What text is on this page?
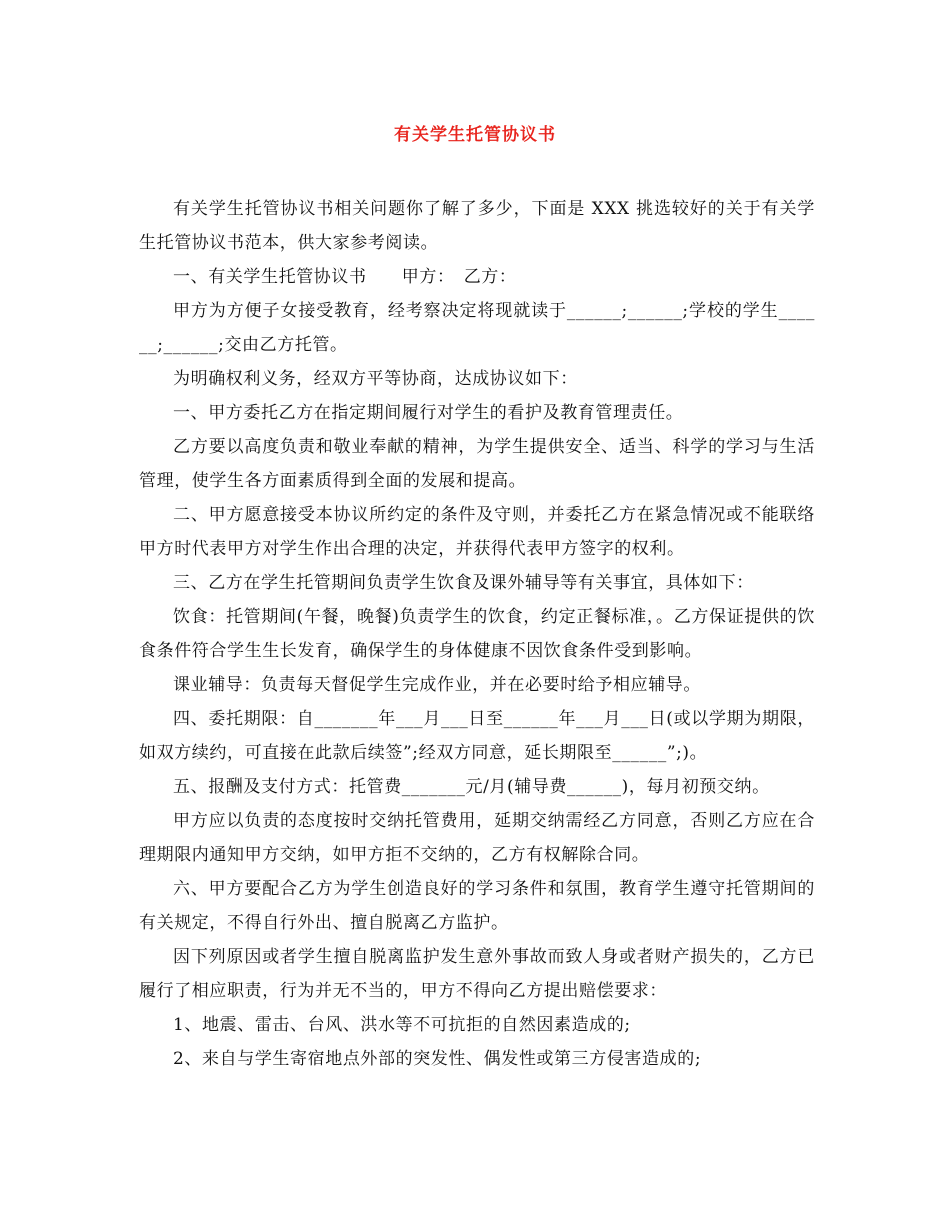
有关学生托管协议书

有关学生托管协议书相关问题你了解了多少，下面是 XXX 挑选较好的关于有关学生托管协议书范本，供大家参考阅读。

一、有关学生托管协议书　　甲方：　乙方：

甲方为方便子女接受教育，经考察决定将现就读于______;______;学校的学生______;______;交由乙方托管。

为明确权利义务，经双方平等协商，达成协议如下：

一、甲方委托乙方在指定期间履行对学生的看护及教育管理责任。

乙方要以高度负责和敬业奉献的精神，为学生提供安全、适当、科学的学习与生活管理，使学生各方面素质得到全面的发展和提高。

二、甲方愿意接受本协议所约定的条件及守则，并委托乙方在紧急情况或不能联络甲方时代表甲方对学生作出合理的决定，并获得代表甲方签字的权利。

三、乙方在学生托管期间负责学生饮食及课外辅导等有关事宜，具体如下：

饮食：托管期间(午餐，晚餐)负责学生的饮食，约定正餐标准，。乙方保证提供的饮食条件符合学生生长发育，确保学生的身体健康不因饮食条件受到影响。

课业辅导：负责每天督促学生完成作业，并在必要时给予相应辅导。

四、委托期限：自_______年___月___日至______年___月___日(或以学期为期限，如双方续约，可直接在此款后续签”;经双方同意，延长期限至______”;)。

五、报酬及支付方式：托管费_______元/月(辅导费______)，每月初预交纳。

甲方应以负责的态度按时交纳托管费用，延期交纳需经乙方同意，否则乙方应在合理期限内通知甲方交纳，如甲方拒不交纳的，乙方有权解除合同。

六、甲方要配合乙方为学生创造良好的学习条件和氛围，教育学生遵守托管期间的有关规定，不得自行外出、擅自脱离乙方监护。

因下列原因或者学生擅自脱离监护发生意外事故而致人身或者财产损失的，乙方已履行了相应职责，行为并无不当的，甲方不得向乙方提出赔偿要求：

1、地震、雷击、台风、洪水等不可抗拒的自然因素造成的;

2、来自与学生寄宿地点外部的突发性、偶发性或第三方侵害造成的;
